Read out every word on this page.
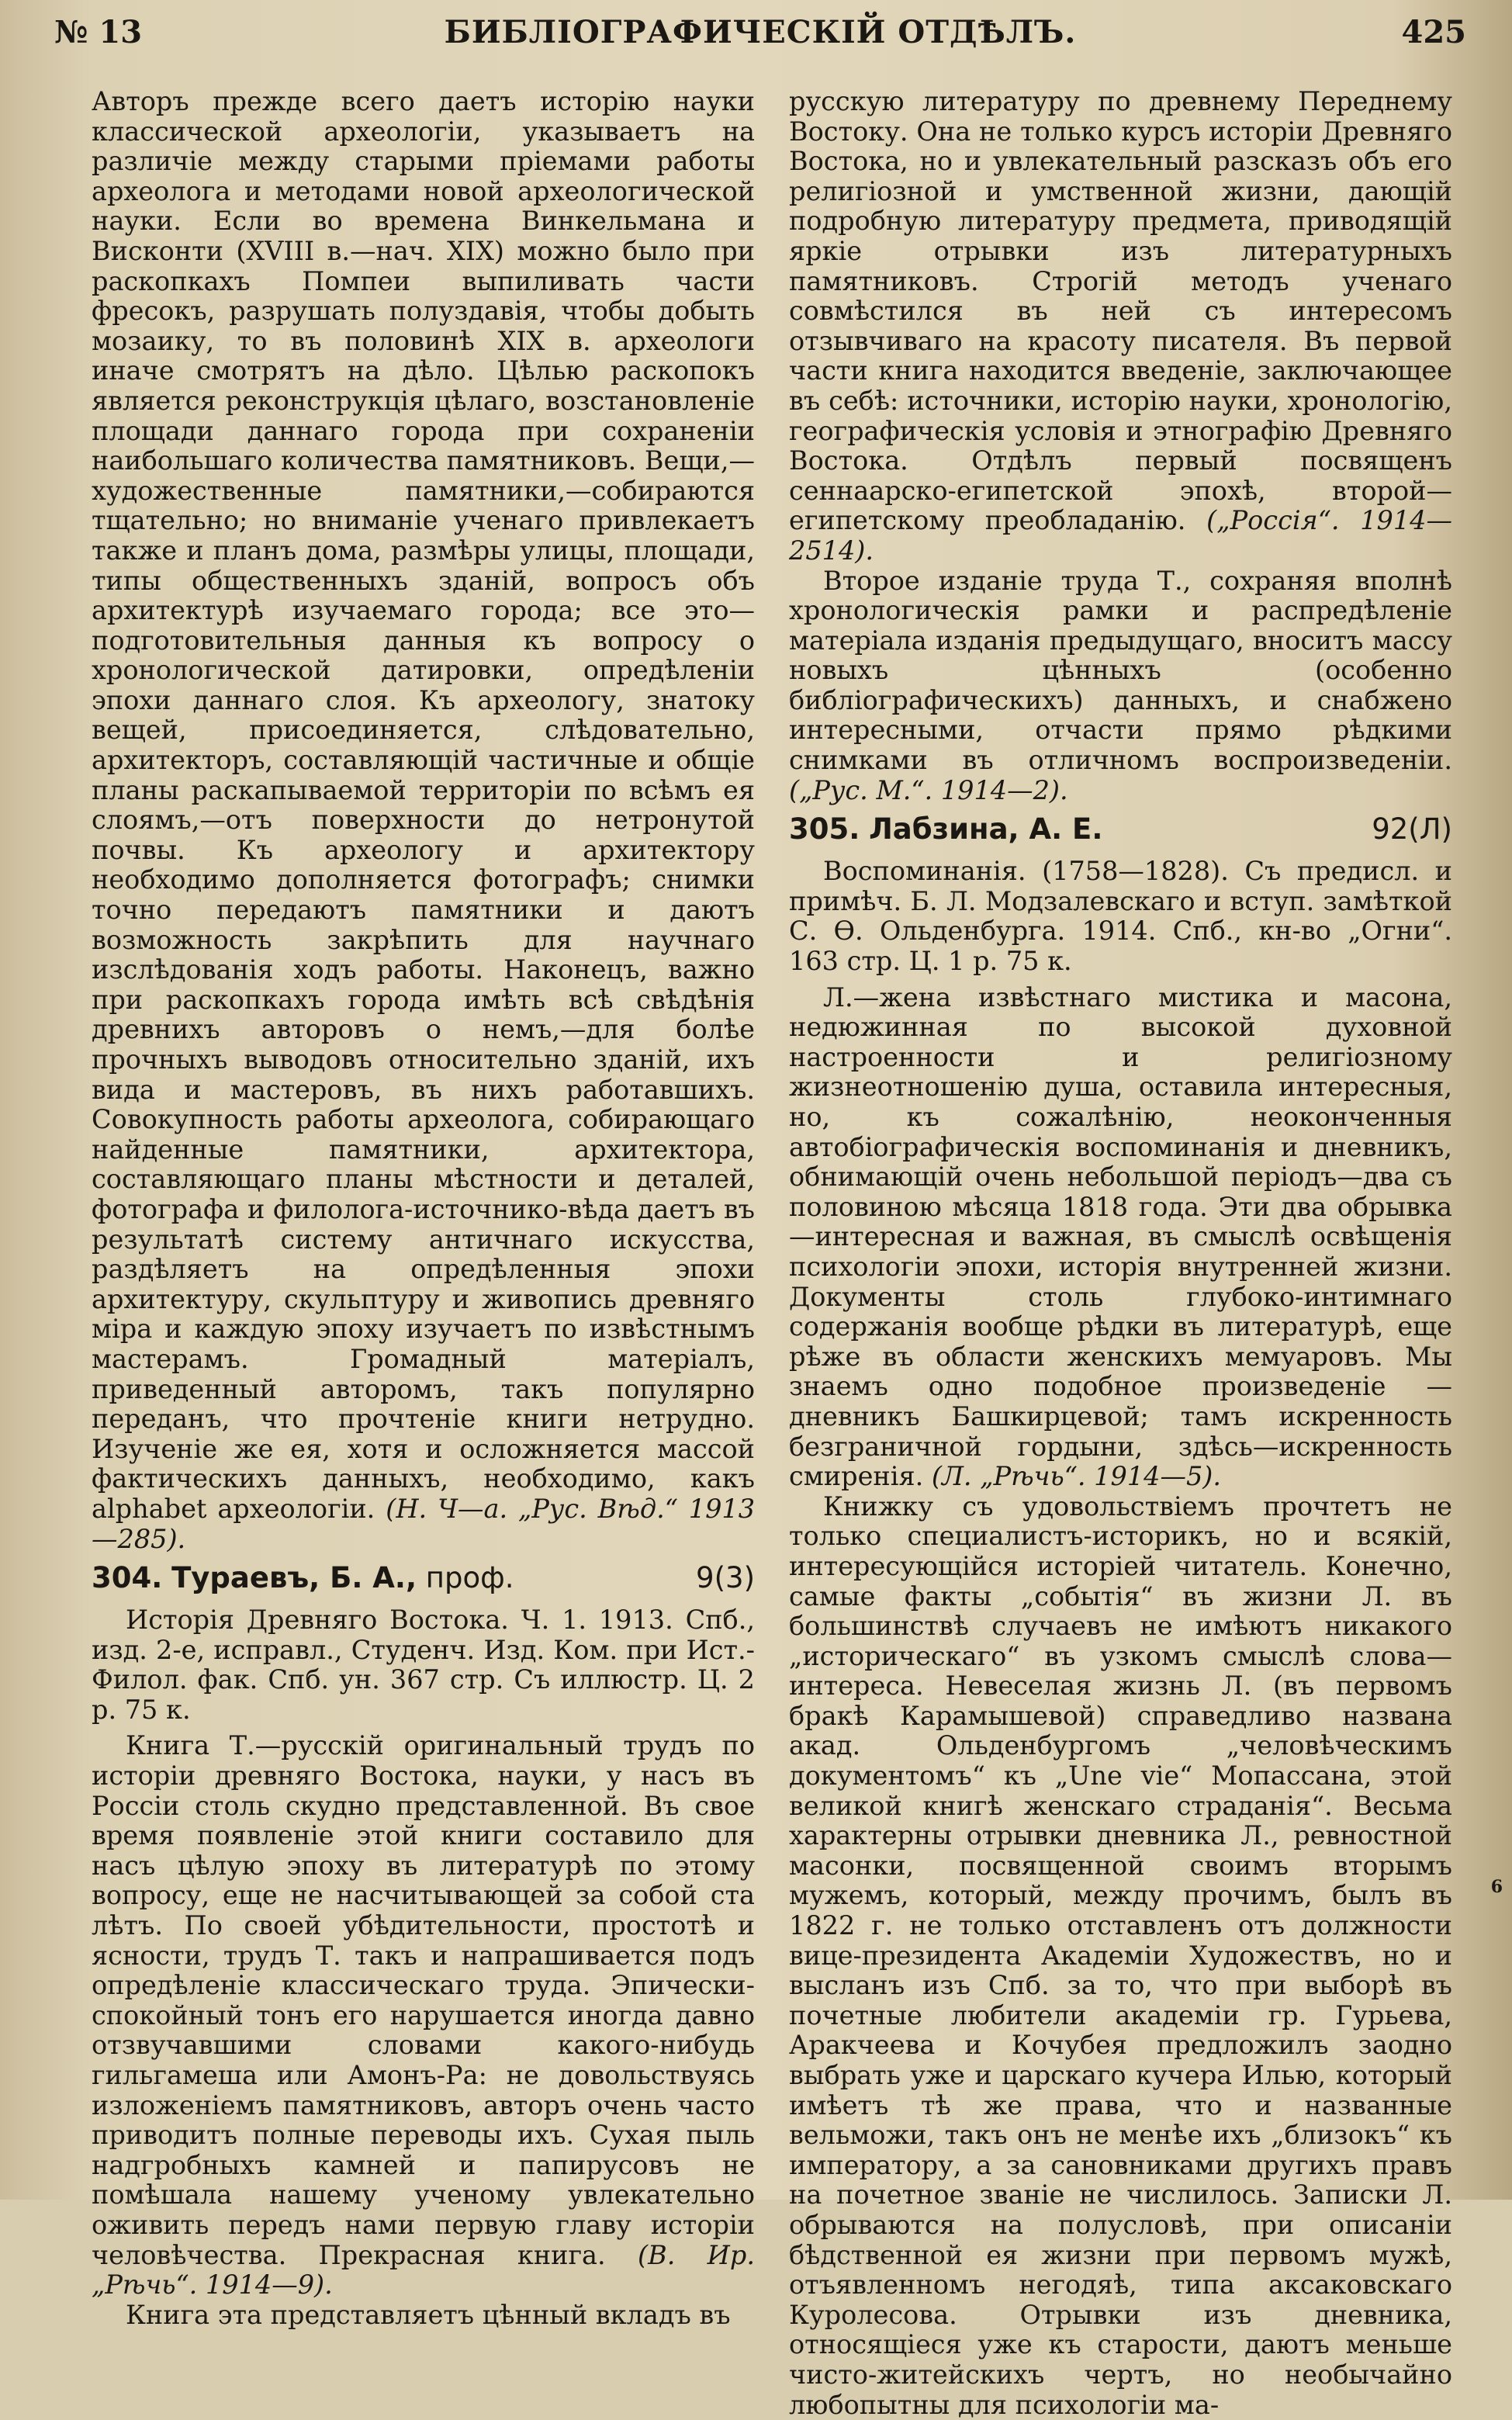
№ 13	БИБЛІОГРАФИЧЕСКІЙ ОТДѢЛЪ.	425

Авторъ прежде всего даетъ исторію науки классической археологіи, указываетъ на различіе между старыми пріемами работы археолога и методами новой археологической науки. Если во времена Винкельмана и Висконти (XVIII в.—нач. XIX) можно было при раскопкахъ Помпеи выпиливать части фресокъ, разрушать полуздавія, чтобы добыть мозаику, то въ половинѣ XIX в. археологи иначе смотрятъ на дѣло. Цѣлью раскопокъ является реконструкція цѣлаго, возстановленіе площади даннаго города при сохраненіи наибольшаго количества памятниковъ. Вещи,—художественные памятники,—собираются тщательно; но вниманіе ученаго привлекаетъ также и планъ дома, размѣры улицы, площади, типы общественныхъ зданій, вопросъ объ архитектурѣ изучаемаго города; все это—подготовительныя данныя къ вопросу о хронологической датировки, опредѣленіи эпохи даннаго слоя. Къ археологу, знатоку вещей, присоединяется, слѣдовательно, архитекторъ, составляющій частичные и общіе планы раскапываемой территоріи по всѣмъ ея слоямъ,—отъ поверхности до нетронутой почвы. Къ археологу и архитектору необходимо дополняется фотографъ; снимки точно передаютъ памятники и даютъ возможность закрѣпить для научнаго изслѣдованія ходъ работы. Наконецъ, важно при раскопкахъ города имѣть всѣ свѣдѣнія древнихъ авторовъ о немъ,—для болѣе прочныхъ выводовъ относительно зданій, ихъ вида и мастеровъ, въ нихъ работавшихъ. Совокупность работы археолога, собирающаго найденные памятники, архитектора, составляющаго планы мѣстности и деталей, фотографа и филолога-источнико-вѣда даетъ въ результатѣ систему античнаго искусства, раздѣляетъ на опредѣленныя эпохи архитектуру, скульптуру и живопись древняго міра и каждую эпоху изучаетъ по извѣстнымъ мастерамъ. Громадный матеріалъ, приведенный авторомъ, такъ популярно переданъ, что прочтеніе книги нетрудно. Изученіе же ея, хотя и осложняется массой фактическихъ данныхъ, необходимо, какъ alphabet археологіи. (Н. Ч—а. „Рус. Вѣд.“ 1913—285).

304. Тураевъ, Б. А., проф.	9(3)

Исторія Древняго Востока. Ч. 1. 1913. Спб., изд. 2-е, исправл., Студенч. Изд. Ком. при Ист.-Филол. фак. Спб. ун. 367 стр. Съ иллюстр. Ц. 2 р. 75 к.

Книга Т.—русскій оригинальный трудъ по исторіи древняго Востока, науки, у насъ въ Россіи столь скудно представленной. Въ свое время появленіе этой книги составило для насъ цѣлую эпоху въ литературѣ по этому вопросу, еще не насчитывающей за собой ста лѣтъ. По своей убѣдительности, простотѣ и ясности, трудъ Т. такъ и напрашивается подъ опредѣленіе классическаго труда. Эпически-спокойный тонъ его нарушается иногда давно отзвучавшими словами какого-нибудь гильгамеша или Амонъ-Ра: не довольствуясь изложеніемъ памятниковъ, авторъ очень часто приводитъ полные переводы ихъ. Сухая пыль надгробныхъ камней и папирусовъ не помѣшала нашему ученому увлекательно оживить передъ нами первую главу исторіи человѣчества. Прекрасная книга. (В. Ир. „Рѣчь“. 1914—9).

Книга эта представляетъ цѣнный вкладъ въ

русскую литературу по древнему Переднему Востоку. Она не только курсъ исторіи Древняго Востока, но и увлекательный разсказъ объ его религіозной и умственной жизни, дающій подробную литературу предмета, приводящій яркіе отрывки изъ литературныхъ памятниковъ. Строгій методъ ученаго совмѣстился въ ней съ интересомъ отзывчиваго на красоту писателя. Въ первой части книга находится введеніе, заключающее въ себѣ: источники, исторію науки, хронологію, географическія условія и этнографію Древняго Востока. Отдѣлъ первый посвященъ сеннаарско-египетской эпохѣ, второй—египетскому преобладанію. („Россія“. 1914—2514).

Второе изданіе труда Т., сохраняя вполнѣ хронологическія рамки и распредѣленіе матеріала изданія предыдущаго, вноситъ массу новыхъ цѣнныхъ (особенно библіографическихъ) данныхъ, и снабжено интересными, отчасти прямо рѣдкими снимками въ отличномъ воспроизведеніи. („Рус. М.“. 1914—2).

305. Лабзина, А. Е.	92(Л)

Воспоминанія. (1758—1828). Съ предисл. и примѣч. Б. Л. Модзалевскаго и вступ. замѣткой С. Ѳ. Ольденбурга. 1914. Спб., кн-во „Огни“. 163 стр. Ц. 1 р. 75 к.

Л.—жена извѣстнаго мистика и масона, недюжинная по высокой духовной настроенности и религіозному жизнеотношенію душа, оставила интересныя, но, къ сожалѣнію, неоконченныя автобіографическія воспоминанія и дневникъ, обнимающій очень небольшой періодъ—два съ половиною мѣсяца 1818 года. Эти два обрывка—интересная и важная, въ смыслѣ освѣщенія психологіи эпохи, исторія внутренней жизни. Документы столь глубоко-интимнаго содержанія вообще рѣдки въ литературѣ, еще рѣже въ области женскихъ мемуаровъ. Мы знаемъ одно подобное произведеніе — дневникъ Башкирцевой; тамъ искренность безграничной гордыни, здѣсь—искренность смиренія. (Л. „Рѣчь“. 1914—5).

Книжку съ удовольствіемъ прочтетъ не только специалистъ-историкъ, но и всякій, интересующійся исторіей читатель. Конечно, самые факты „событія“ въ жизни Л. въ большинствѣ случаевъ не имѣютъ никакого „историческаго“ въ узкомъ смыслѣ слова—интереса. Невеселая жизнь Л. (въ первомъ бракѣ Карамышевой) справедливо названа акад. Ольденбургомъ „человѣческимъ документомъ“ къ „Une vie“ Мопассана, этой великой книгѣ женскаго страданія“. Весьма характерны отрывки дневника Л., ревностной масонки, посвященной своимъ вторымъ мужемъ, который, между прочимъ, былъ въ 1822 г. не только отставленъ отъ должности вице-президента Академіи Художествъ, но и высланъ изъ Спб. за то, что при выборѣ въ почетные любители академіи гр. Гурьева, Аракчеева и Кочубея предложилъ заодно выбрать уже и царскаго кучера Илью, который имѣетъ тѣ же права, что и названные вельможи, такъ онъ не менѣе ихъ „близокъ“ къ императору, а за сановниками другихъ правъ на почетное званіе не числилось. Записки Л. обрываются на полусловѣ, при описаніи бѣдственной ея жизни при первомъ мужѣ, отъявленномъ негодяѣ, типа аксаковскаго Куролесова. Отрывки изъ дневника, относящіеся уже къ старости, даютъ меньше чисто-житейскихъ чертъ, но необычайно любопытны для психологіи ма-

6
